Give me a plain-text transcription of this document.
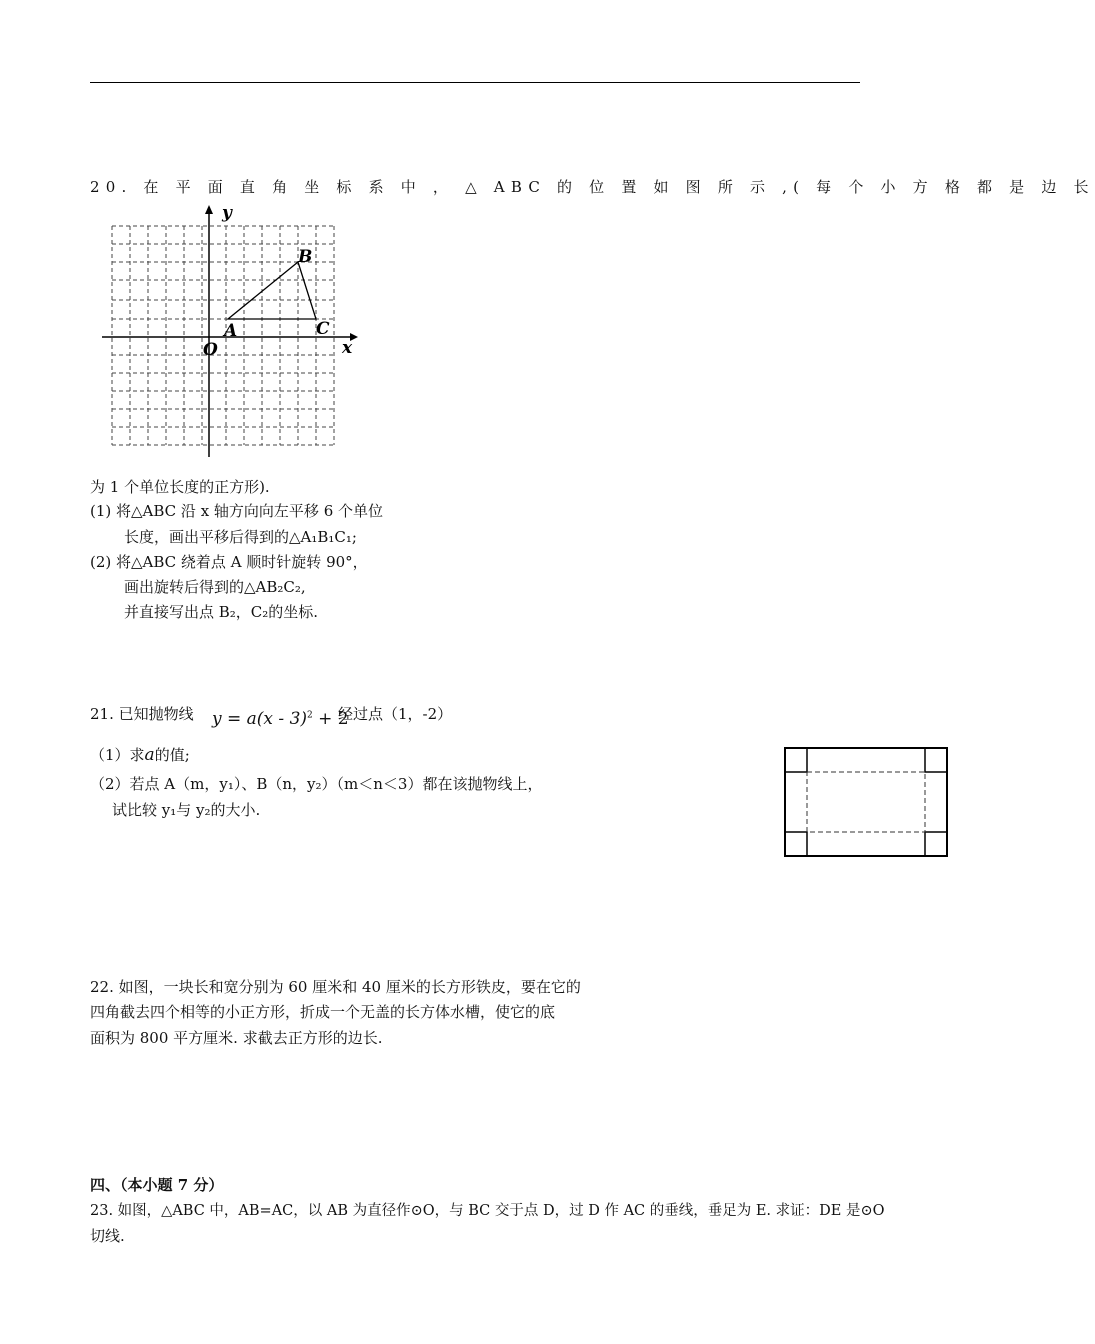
20. 在 平 面 直 角 坐 标 系 中 ， △ ABC 的 位 置 如 图 所 示 ,( 每 个 小 方 格 都 是 边 长
x
y
O
A
B
C
为 1 个单位长度的正方形).
(1) 将△ABC 沿 x 轴方向向左平移 6 个单位
长度，画出平移后得到的△A₁B₁C₁;
(2) 将△ABC 绕着点 A 顺时针旋转 90°，
画出旋转后得到的△AB₂C₂,
并直接写出点 B₂，C₂的坐标.
21. 已知抛物线 y = a(x - 3)$^2$ + 2
经过点（1，-2）
（1）求a的值;
（2）若点 A（m，y₁）、B（n，y₂）（m＜n＜3）都在该抛物线上，
试比较 y₁与 y₂的大小.
22. 如图，一块长和宽分别为 60 厘米和 40 厘米的长方形铁皮，要在它的
四角截去四个相等的小正方形，折成一个无盖的长方体水槽，使它的底
面积为 800 平方厘米. 求截去正方形的边长.
四、（本小题 7 分）
23. 如图，△ABC 中，AB=AC，以 AB 为直径作⊙O，与 BC 交于点 D，过 D 作 AC 的垂线，垂足为 E. 求证：DE 是⊙O
切线.
